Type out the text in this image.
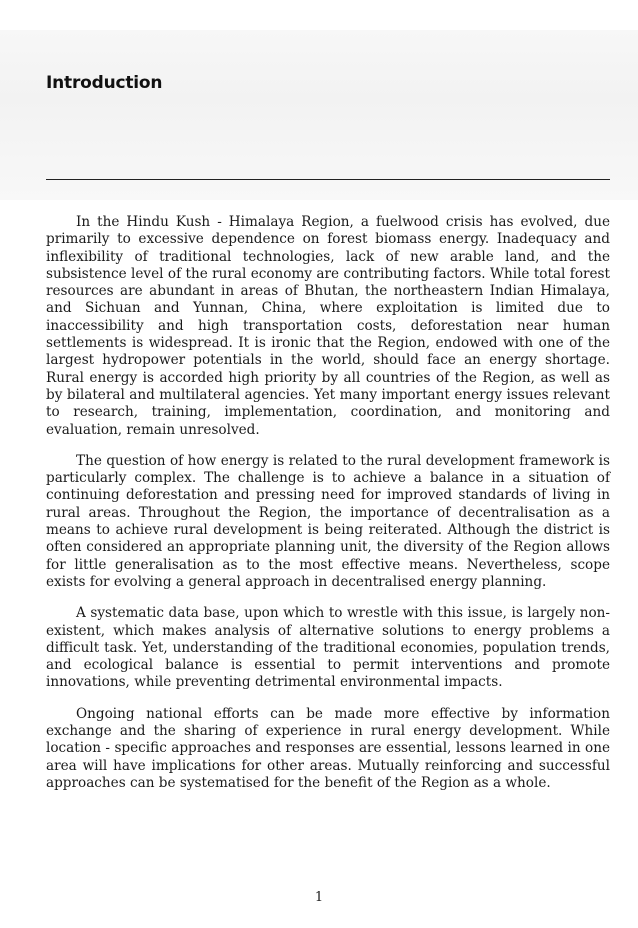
Introduction

In the Hindu Kush - Himalaya Region, a fuelwood crisis has evolved, due primarily to excessive dependence on forest biomass energy. Inadequacy and inflexibility of traditional technologies, lack of new arable land, and the subsistence level of the rural economy are contributing factors. While total forest resources are abundant in areas of Bhutan, the northeastern Indian Himalaya, and Sichuan and Yunnan, China, where exploitation is limited due to inaccessibility and high transportation costs, deforestation near human settlements is widespread. It is ironic that the Region, endowed with one of the largest hydropower potentials in the world, should face an energy shortage. Rural energy is accorded high priority by all countries of the Region, as well as by bilateral and multilateral agencies. Yet many important energy issues relevant to research, training, implementation, coordination, and monitoring and evaluation, remain unresolved.

The question of how energy is related to the rural development framework is particularly complex. The challenge is to achieve a balance in a situation of continuing deforestation and pressing need for improved standards of living in rural areas. Throughout the Region, the importance of decentralisation as a means to achieve rural development is being reiterated. Although the district is often considered an appropriate planning unit, the diversity of the Region allows for little generalisation as to the most effective means. Nevertheless, scope exists for evolving a general approach in decentralised energy planning.

A systematic data base, upon which to wrestle with this issue, is largely non-existent, which makes analysis of alternative solutions to energy problems a difficult task. Yet, understanding of the traditional economies, population trends, and ecological balance is essential to permit interventions and promote innovations, while preventing detrimental environmental impacts.

Ongoing national efforts can be made more effective by information exchange and the sharing of experience in rural energy development. While location - specific approaches and responses are essential, lessons learned in one area will have implications for other areas. Mutually reinforcing and successful approaches can be systematised for the benefit of the Region as a whole.

1
